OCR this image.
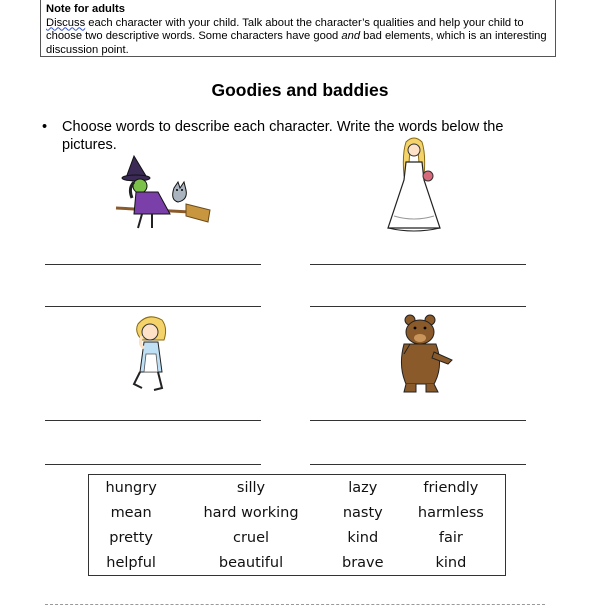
Note for adults
Discuss each character with your child. Talk about the character’s qualities and help your child to choose two descriptive words. Some characters have good and bad elements, which is an interesting discussion point.
Goodies and baddies
• Choose words to describe each character. Write the words below the pictures.
hungry	silly	lazy	friendly
mean	hard working	nasty	harmless
pretty	cruel	kind	fair
helpful	beautiful	brave	kind
